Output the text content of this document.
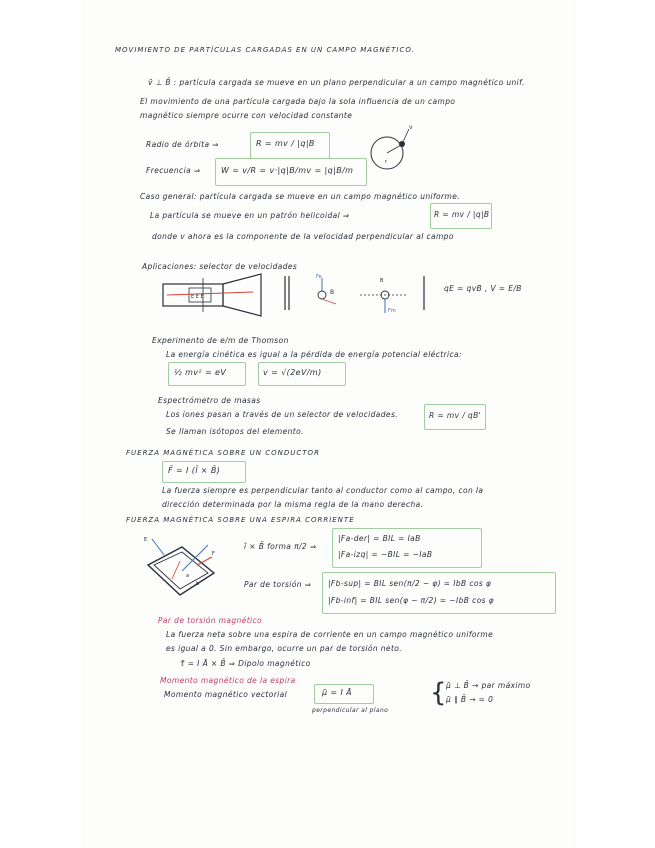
MOVIMIENTO DE PARTÍCULAS CARGADAS EN UN CAMPO MAGNÉTICO.
v̄ ⊥ B̄ : partícula cargada se mueve en un plano perpendicular a un campo magnético unif.
El movimiento de una partícula cargada bajo la sola influencia de un campo
magnético siempre ocurre con velocidad constante
Radio de órbita ⇒	R = mv / |q|B
Frecuencia ⇒	W = v/R = v·|q|B/mv = |q|B/m
v
r
Caso general: partícula cargada se mueve en un campo magnético uniforme.
La partícula se mueve en un patrón helicoidal ⇒	R = mv / |q|B
donde v ahora es la componente de la velocidad perpendicular al campo
Aplicaciones: selector de velocidades
E E E
Fe
B
Fm
B
qE = qvB , V = E/B
Experimento de e/m de Thomson
La energía cinética es igual a la pérdida de energía potencial eléctrica:
½ mv² = eV	v = √(2eV/m)
Espectrómetro de masas
Los iones pasan a través de un selector de velocidades.
Se llaman isótopos del elemento.
R = mv / qB'
FUERZA MAGNÉTICA SOBRE UN CONDUCTOR
F̄ = I (l̄ × B̄)
La fuerza siempre es perpendicular tanto al conductor como al campo, con la
dirección determinada por la misma regla de la mano derecha.
FUERZA MAGNÉTICA SOBRE UNA ESPIRA CORRIENTE
E
a
b
F
î × B̄ forma π/2 ⇒
|Fa-der| = BIL = IaB
|Fa-izq| = −BIL = −IaB
Par de torsión ⇒ |Fb-sup| = BIL sen(π/2 − φ) = IbB cos φ
|Fb-inf| = BIL sen(φ − π/2) = −IbB cos φ
Par de torsión magnético
La fuerza neta sobre una espira de corriente en un campo magnético uniforme
es igual a 0. Sin embargo, ocurre un par de torsión neto.
τ̄ = I Ā × B̄ ⇒ Dipolo magnético
Momento magnético de la espira
Momento magnético vectorial	μ̄ = I Ā
perpendicular al plano
{ μ̄ ⊥ B̄ → par máximo
μ̄ ∥ B̄ → = 0
